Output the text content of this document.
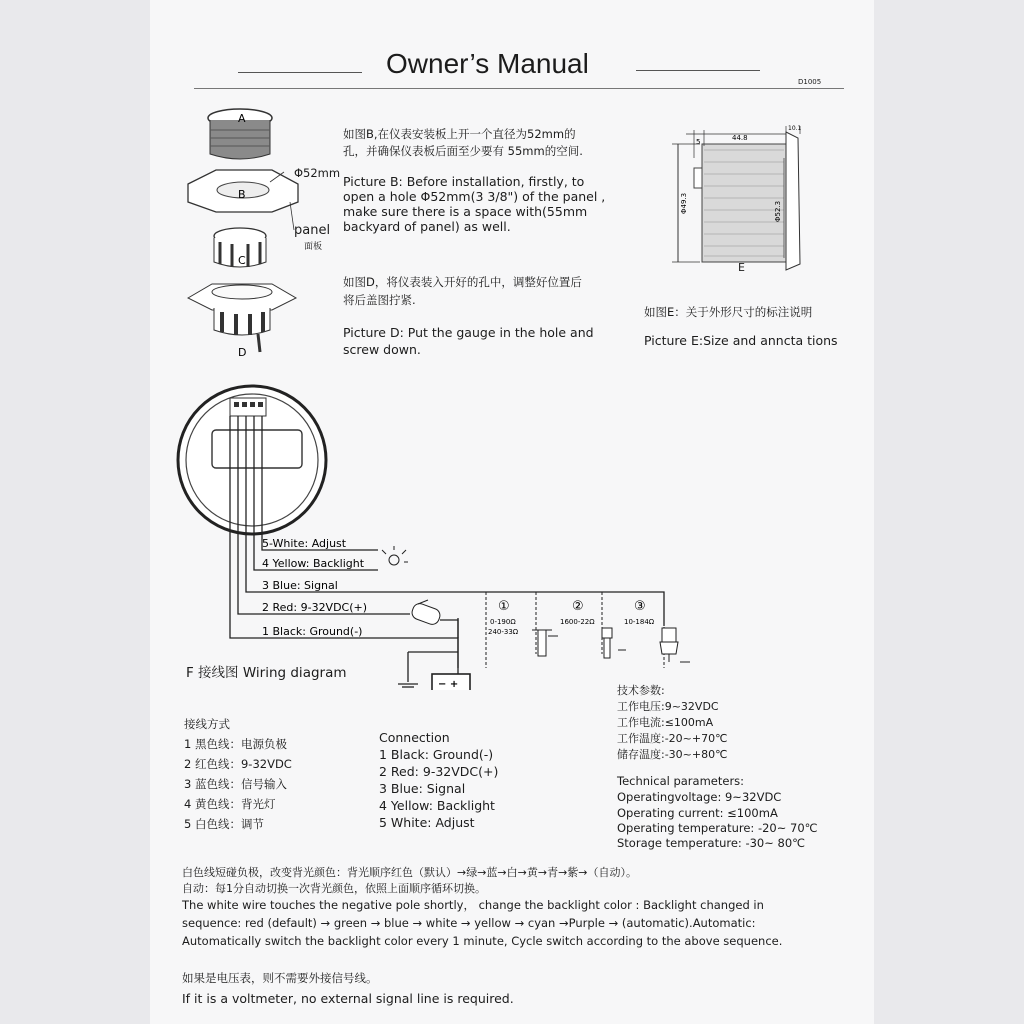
Owner’s Manual
D1005
A
B
C
D
Φ52mm
panel
面板
如图B,在仪表安装板上开一个直径为52mm的
孔，并确保仪表板后面至少要有 55mm的空间.
Picture B: Before installation, firstly, to
open a hole Φ52mm(3 3/8") of the panel ,
make sure there is a space with(55mm
backyard of panel) as well.
如图D，将仪表装入开好的孔中，调整好位置后
将后盖图拧紧.
Picture D: Put the gauge in the hole and
screw down.
5	44.8
10.1
Φ49.3	Φ52.3
E
如图E：关于外形尺寸的标注说明
Picture E:Size and anncta tions
− +
5-White: Adjust
4 Yellow: Backlight
3 Blue: Signal
2 Red: 9-32VDC(+)
1 Black: Ground(-)
①	②	③
0-190Ω
240-33Ω
1600-22Ω	10-184Ω
F 接线图 Wiring diagram
接线方式
1 黑色线：电源负极
2 红色线：9-32VDC
3 蓝色线：信号输入
4 黄色线：背光灯
5 白色线：调节
Connection
1 Black: Ground(-)
2 Red: 9-32VDC(+)
3 Blue: Signal
4 Yellow: Backlight
5 White: Adjust
技术参数:
工作电压:9~32VDC
工作电流:≤100mA
工作温度:-20~+70℃
储存温度:-30~+80℃
Technical parameters:
Operatingvoltage: 9~32VDC
Operating current: ≤100mA
Operating temperature: -20~ 70℃
Storage temperature: -30~ 80℃
白色线短碰负极，改变背光颜色：背光顺序红色（默认）→绿→蓝→白→黄→青→紫→（自动）。
自动：每1分自动切换一次背光颜色，依照上面顺序循环切换。
The white wire touches the negative pole shortly， change the backlight color : Backlight changed in
sequence: red (default) → green → blue → white → yellow → cyan →Purple → (automatic).Automatic:
Automatically switch the backlight color every 1 minute, Cycle switch according to the above sequence.
如果是电压表，则不需要外接信号线。
If it is a voltmeter, no external signal line is required.
